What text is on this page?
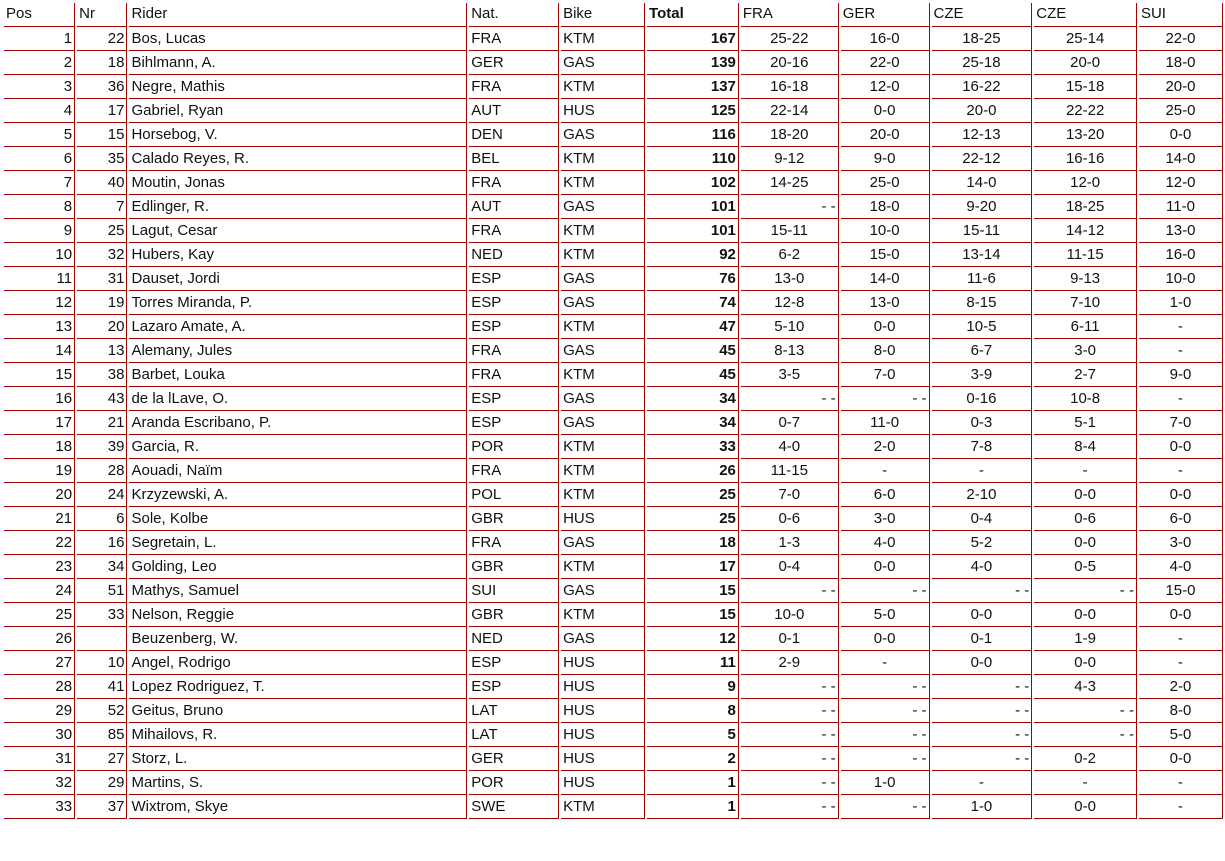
Pos	Nr	Rider	Nat.	Bike	Total	FRA	GER	CZE	CZE	SUI
1	22	Bos, Lucas	FRA	KTM	167	25-22	16-0	18-25	25-14	22-0
2	18	Bihlmann, A.	GER	GAS	139	20-16	22-0	25-18	20-0	18-0
3	36	Negre, Mathis	FRA	KTM	137	16-18	12-0	16-22	15-18	20-0
4	17	Gabriel, Ryan	AUT	HUS	125	22-14	0-0	20-0	22-22	25-0
5	15	Horsebog, V.	DEN	GAS	116	18-20	20-0	12-13	13-20	0-0
6	35	Calado Reyes, R.	BEL	KTM	110	9-12	9-0	22-12	16-16	14-0
7	40	Moutin, Jonas	FRA	KTM	102	14-25	25-0	14-0	12-0	12-0
8	7	Edlinger, R.	AUT	GAS	101	- -	18-0	9-20	18-25	11-0
9	25	Lagut, Cesar	FRA	KTM	101	15-11	10-0	15-11	14-12	13-0
10	32	Hubers, Kay	NED	KTM	92	6-2	15-0	13-14	11-15	16-0
11	31	Dauset, Jordi	ESP	GAS	76	13-0	14-0	11-6	9-13	10-0
12	19	Torres Miranda, P.	ESP	GAS	74	12-8	13-0	8-15	7-10	1-0
13	20	Lazaro Amate, A.	ESP	KTM	47	5-10	0-0	10-5	6-11	-
14	13	Alemany, Jules	FRA	GAS	45	8-13	8-0	6-7	3-0	-
15	38	Barbet, Louka	FRA	KTM	45	3-5	7-0	3-9	2-7	9-0
16	43	de la lLave, O.	ESP	GAS	34	- -	- -	0-16	10-8	-
17	21	Aranda Escribano, P.	ESP	GAS	34	0-7	11-0	0-3	5-1	7-0
18	39	Garcia, R.	POR	KTM	33	4-0	2-0	7-8	8-4	0-0
19	28	Aouadi, Naïm	FRA	KTM	26	11-15	-	-	-	-
20	24	Krzyzewski, A.	POL	KTM	25	7-0	6-0	2-10	0-0	0-0
21	6	Sole, Kolbe	GBR	HUS	25	0-6	3-0	0-4	0-6	6-0
22	16	Segretain, L.	FRA	GAS	18	1-3	4-0	5-2	0-0	3-0
23	34	Golding, Leo	GBR	KTM	17	0-4	0-0	4-0	0-5	4-0
24	51	Mathys, Samuel	SUI	GAS	15	- -	- -	- -	- -	15-0
25	33	Nelson, Reggie	GBR	KTM	15	10-0	5-0	0-0	0-0	0-0
26		Beuzenberg, W.	NED	GAS	12	0-1	0-0	0-1	1-9	-
27	10	Angel, Rodrigo	ESP	HUS	11	2-9	-	0-0	0-0	-
28	41	Lopez Rodriguez, T.	ESP	HUS	9	- -	- -	- -	4-3	2-0
29	52	Geitus, Bruno	LAT	HUS	8	- -	- -	- -	- -	8-0
30	85	Mihailovs, R.	LAT	HUS	5	- -	- -	- -	- -	5-0
31	27	Storz, L.	GER	HUS	2	- -	- -	- -	0-2	0-0
32	29	Martins, S.	POR	HUS	1	- -	1-0	-	-	-
33	37	Wixtrom, Skye	SWE	KTM	1	- -	- -	1-0	0-0	-
